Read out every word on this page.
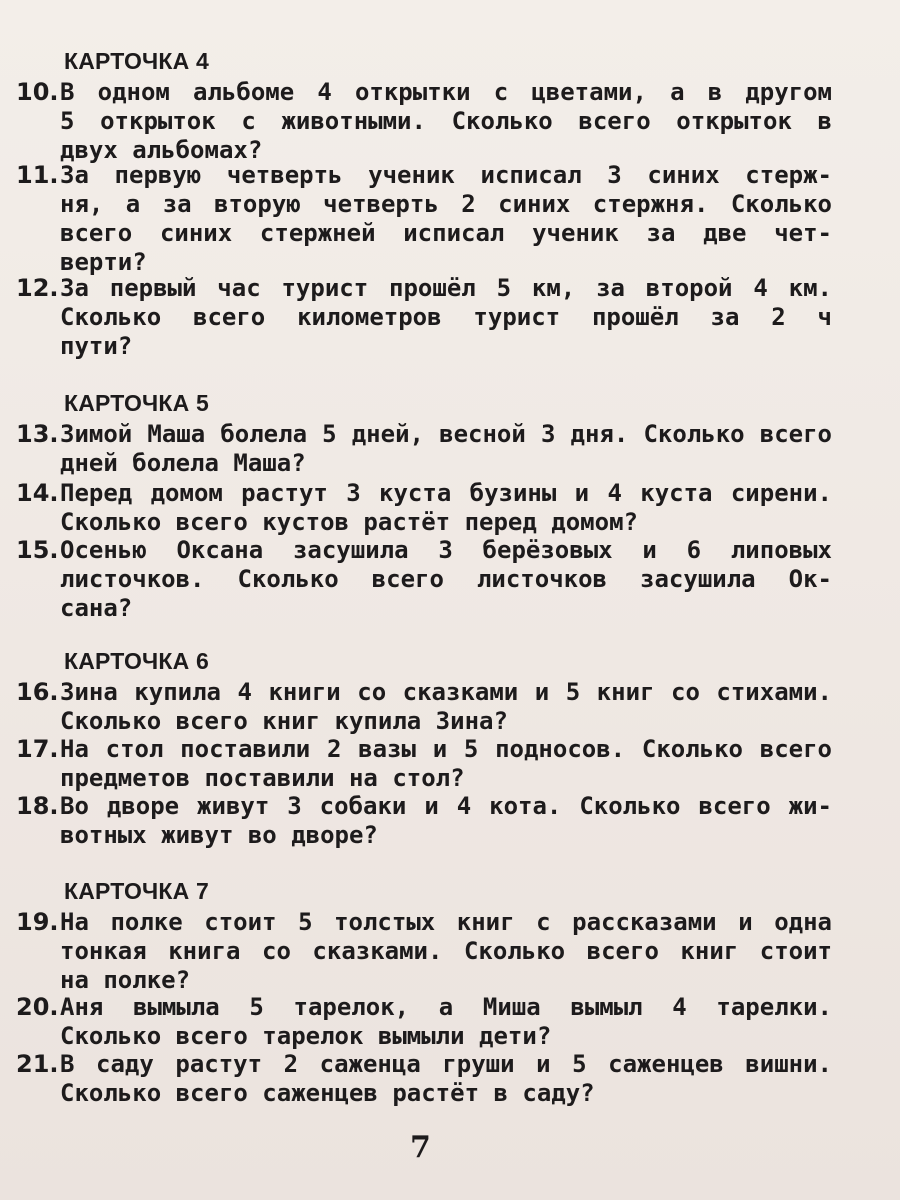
КАРТОЧКА 4
10. В одном альбоме 4 открытки с цветами, а в другом
5 открыток с животными. Сколько всего открыток в
двух альбомах?
11. За первую четверть ученик исписал 3 синих стерж-
ня, а за вторую четверть 2 синих стержня. Сколько
всего синих стержней исписал ученик за две чет-
верти?
12. За первый час турист прошёл 5 км, за второй 4 км.
Сколько всего километров турист прошёл за 2 ч
пути?
КАРТОЧКА 5
13. Зимой Маша болела 5 дней, весной 3 дня. Сколько всего
дней болела Маша?
14. Перед домом растут 3 куста бузины и 4 куста сирени.
Сколько всего кустов растёт перед домом?
15. Осенью Оксана засушила 3 берёзовых и 6 липовых
листочков. Сколько всего листочков засушила Ок-
сана?
КАРТОЧКА 6
16. Зина купила 4 книги со сказками и 5 книг со стихами.
Сколько всего книг купила Зина?
17. На стол поставили 2 вазы и 5 подносов. Сколько всего
предметов поставили на стол?
18. Во дворе живут 3 собаки и 4 кота. Сколько всего жи-
вотных живут во дворе?
КАРТОЧКА 7
19. На полке стоит 5 толстых книг с рассказами и одна
тонкая книга со сказками. Сколько всего книг стоит
на полке?
20. Аня вымыла 5 тарелок, а Миша вымыл 4 тарелки.
Сколько всего тарелок вымыли дети?
21. В саду растут 2 саженца груши и 5 саженцев вишни.
Сколько всего саженцев растёт в саду?
7
